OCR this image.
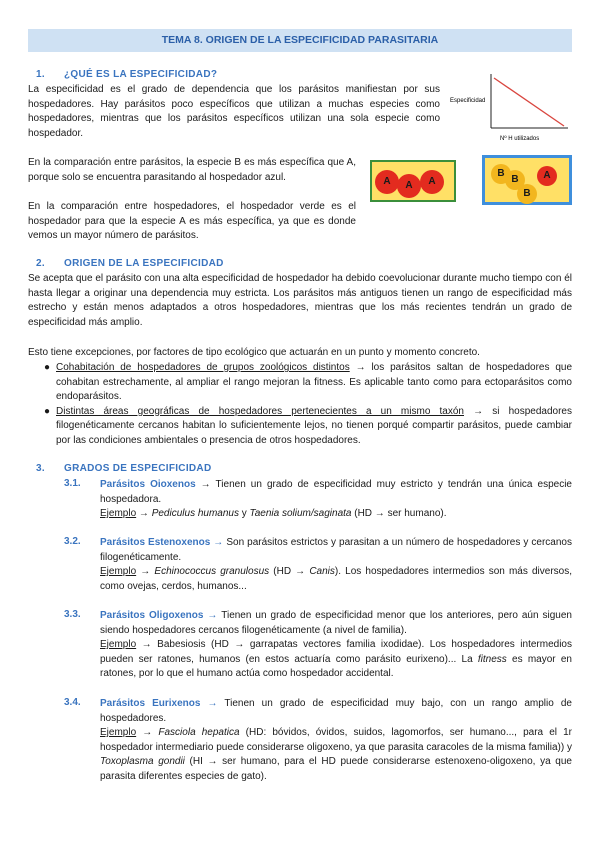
TEMA 8. ORIGEN DE LA ESPECIFICIDAD PARASITARIA
1. ¿QUÉ ES LA ESPECIFICIDAD?
La especificidad es el grado de dependencia que los parásitos manifiestan por sus hospedadores. Hay parásitos poco específicos que utilizan a muchas especies como hospedadores, mientras que los parásitos específicos utilizan una sola especie como hospedador.
En la comparación entre parásitos, la especie B es más específica que A, porque solo se encuentra parasitando al hospedador azul.
En la comparación entre hospedadores, el hospedador verde es el hospedador para que la especie A es más específica, ya que es donde vemos un mayor número de parásitos.
Especificidad
Nº H utilizados
A	A	A
B
B
B
A
2. ORIGEN DE LA ESPECIFICIDAD
Se acepta que el parásito con una alta especificidad de hospedador ha debido coevolucionar durante mucho tiempo con él hasta llegar a originar una dependencia muy estricta. Los parásitos más antiguos tienen un rango de especificidad más estrecho y están menos adaptados a otros hospedadores, mientras que los más recientes tendrán un grado de especificidad más amplio.
Esto tiene excepciones, por factores de tipo ecológico que actuarán en un punto y momento concreto.
● Cohabitación de hospedadores de grupos zoológicos distintos → los parásitos saltan de hospedadores que cohabitan estrechamente, al ampliar el rango mejoran la fitness. Es aplicable tanto como para ectoparásitos como endoparásitos.
● Distintas áreas geográficas de hospedadores pertenecientes a un mismo taxón → si hospedadores filogenéticamente cercanos habitan lo suficientemente lejos, no tienen porqué compartir parásitos, puede cambiar por las condiciones ambientales o presencia de otros hospedadores.
3. GRADOS DE ESPECIFICIDAD
3.1. Parásitos Oioxenos → Tienen un grado de especificidad muy estricto y tendrán una única especie hospedadora.
Ejemplo → Pediculus humanus y Taenia solium/saginata (HD → ser humano).
3.2. Parásitos Estenoxenos → Son parásitos estrictos y parasitan a un número de hospedadores y cercanos filogenéticamente.
Ejemplo → Echinococcus granulosus (HD → Canis). Los hospedadores intermedios son más diversos, como ovejas, cerdos, humanos...
3.3. Parásitos Oligoxenos → Tienen un grado de especificidad menor que los anteriores, pero aún siguen siendo hospedadores cercanos filogenéticamente (a nivel de familia).
Ejemplo → Babesiosis (HD → garrapatas vectores familia ixodidae). Los hospedadores intermedios pueden ser ratones, humanos (en estos actuaría como parásito eurixeno)... La fitness es mayor en ratones, por lo que el humano actúa como hospedador accidental.
3.4. Parásitos Eurixenos → Tienen un grado de especificidad muy bajo, con un rango amplio de hospedadores.
Ejemplo → Fasciola hepatica (HD: bóvidos, óvidos, suidos, lagomorfos, ser humano..., para el 1r hospedador intermediario puede considerarse oligoxeno, ya que parasita caracoles de la misma familia)) y Toxoplasma gondii (HI → ser humano, para el HD puede considerarse estenoxeno-oligoxeno, ya que parasita diferentes especies de gato).
